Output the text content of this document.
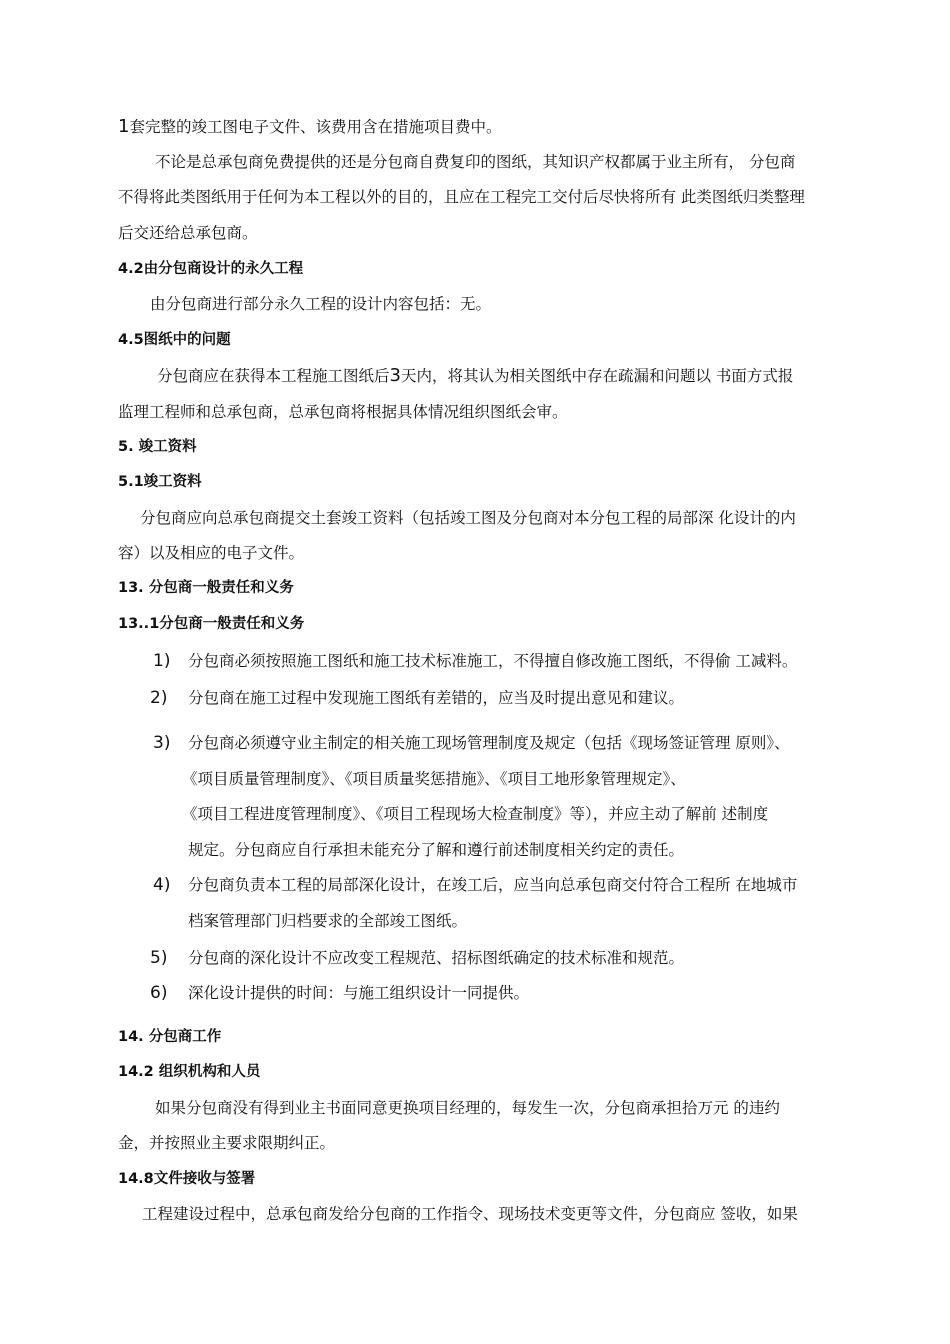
1套完整的竣工图电子文件、该费用含在措施项目费中。
不论是总承包商免费提供的还是分包商自费复印的图纸，其知识产权都属于业主所有， 分包商
不得将此类图纸用于任何为本工程以外的目的，且应在工程完工交付后尽快将所有 此类图纸归类整理
后交还给总承包商。
4.2由分包商设计的永久工程
由分包商进行部分永久工程的设计内容包括：无。
4.5图纸中的问题
分包商应在获得本工程施工图纸后3天内，将其认为相关图纸中存在疏漏和问题以 书面方式报
监理工程师和总承包商，总承包商将根据具体情况组织图纸会审。
5. 竣工资料
5.1竣工资料
分包商应向总承包商提交土套竣工资料（包括竣工图及分包商对本分包工程的局部深 化设计的内
容）以及相应的电子文件。
13. 分包商一般责任和义务
13..1分包商一般责任和义务
1) 分包商必须按照施工图纸和施工技术标准施工，不得擅自修改施工图纸，不得偷 工减料。
2) 分包商在施工过程中发现施工图纸有差错的，应当及时提出意见和建议。
3) 分包商必须遵守业主制定的相关施工现场管理制度及规定（包括《现场签证管理 原则》、
《项目质量管理制度》、《项目质量奖惩措施》、《项目工地形象管理规定》、
《项目工程进度管理制度》、《项目工程现场大检查制度》等），并应主动了解前 述制度
规定。分包商应自行承担未能充分了解和遵行前述制度相关约定的责任。
4) 分包商负责本工程的局部深化设计，在竣工后，应当向总承包商交付符合工程所 在地城市
档案管理部门归档要求的全部竣工图纸。
5) 分包商的深化设计不应改变工程规范、招标图纸确定的技术标准和规范。
6) 深化设计提供的时间：与施工组织设计一同提供。
14. 分包商工作
14.2 组织机构和人员
如果分包商没有得到业主书面同意更换项目经理的，每发生一次，分包商承担拾万元 的违约
金，并按照业主要求限期纠正。
14.8文件接收与签署
工程建设过程中，总承包商发给分包商的工作指令、现场技术变更等文件，分包商应 签收，如果
